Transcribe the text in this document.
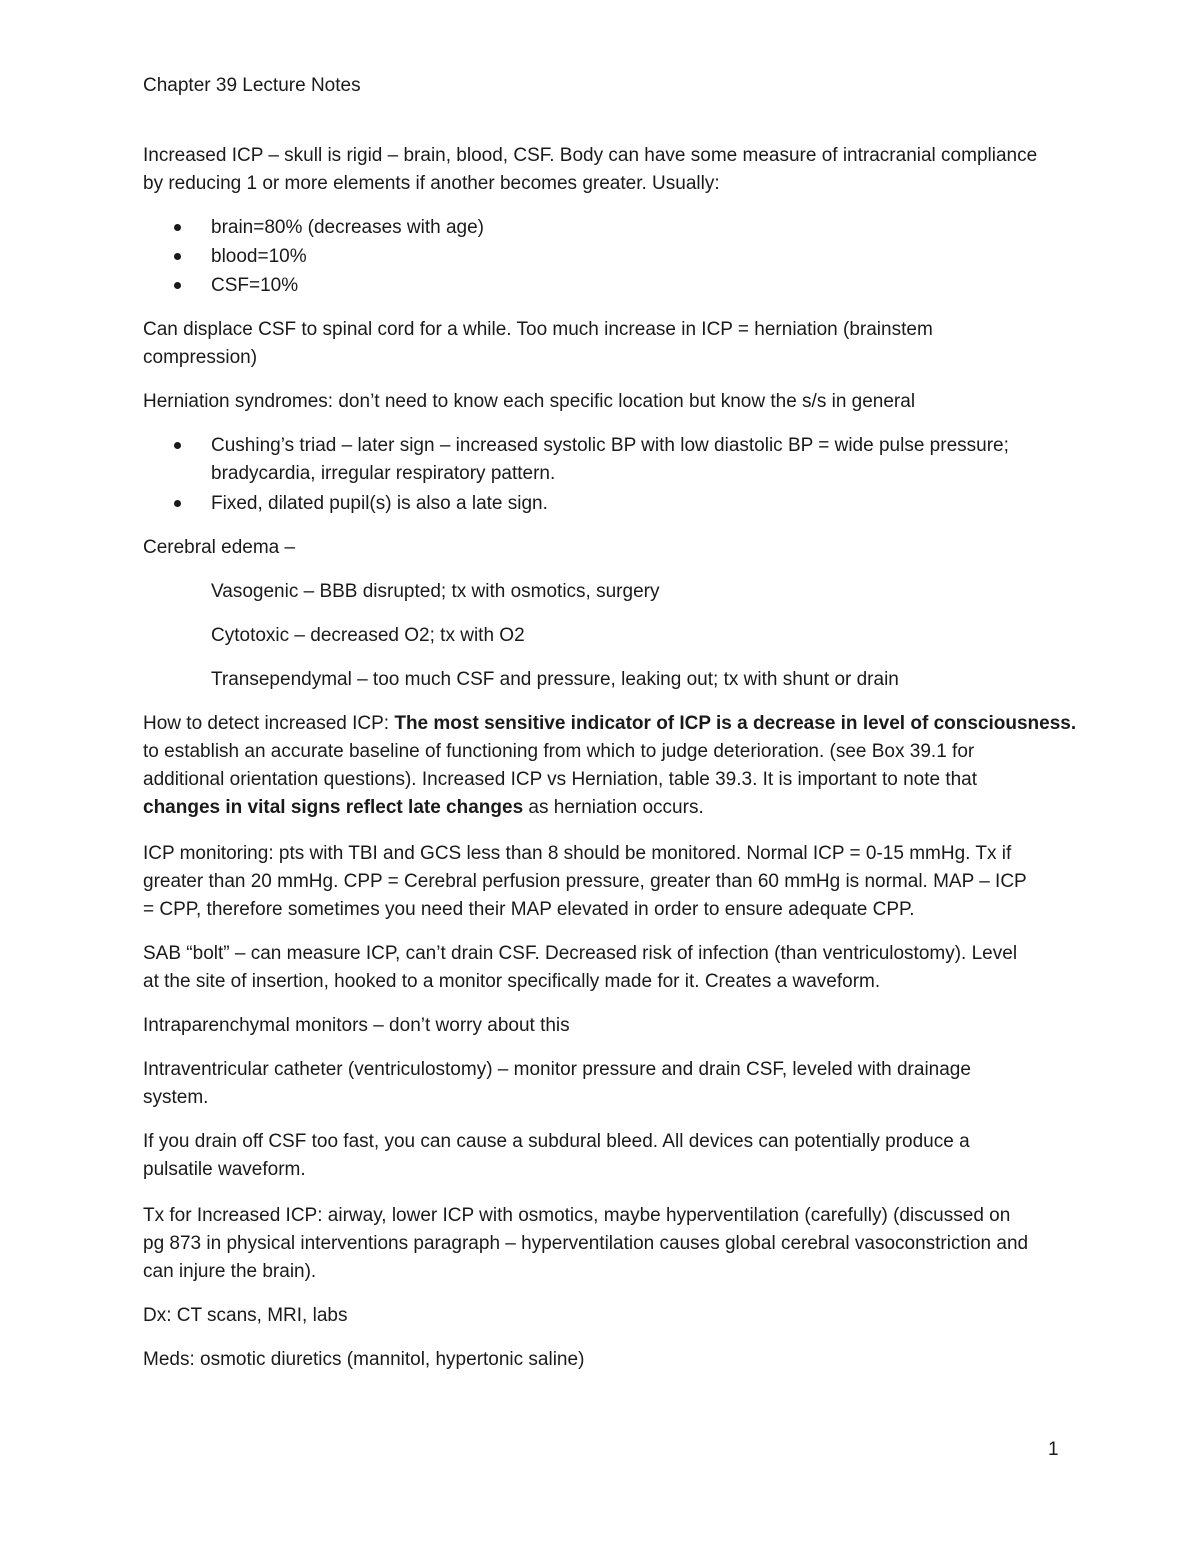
Chapter 39 Lecture Notes
Increased ICP – skull is rigid – brain, blood, CSF. Body can have some measure of intracranial compliance
by reducing 1 or more elements if another becomes greater. Usually:
brain=80% (decreases with age)
blood=10%
CSF=10%
Can displace CSF to spinal cord for a while. Too much increase in ICP = herniation (brainstem
compression)
Herniation syndromes: don’t need to know each specific location but know the s/s in general
Cushing’s triad – later sign – increased systolic BP with low diastolic BP = wide pulse pressure;
bradycardia, irregular respiratory pattern.
Fixed, dilated pupil(s) is also a late sign.
Cerebral edema –
Vasogenic – BBB disrupted; tx with osmotics, surgery
Cytotoxic – decreased O2; tx with O2
Transependymal – too much CSF and pressure, leaking out; tx with shunt or drain
How to detect increased ICP: The most sensitive indicator of ICP is a decrease in level of consciousness.
to establish an accurate baseline of functioning from which to judge deterioration. (see Box 39.1 for
additional orientation questions). Increased ICP vs Herniation, table 39.3. It is important to note that
changes in vital signs reflect late changes as herniation occurs.
ICP monitoring: pts with TBI and GCS less than 8 should be monitored. Normal ICP = 0-15 mmHg. Tx if
greater than 20 mmHg. CPP = Cerebral perfusion pressure, greater than 60 mmHg is normal. MAP – ICP
= CPP, therefore sometimes you need their MAP elevated in order to ensure adequate CPP.
SAB “bolt” – can measure ICP, can’t drain CSF. Decreased risk of infection (than ventriculostomy). Level
at the site of insertion, hooked to a monitor specifically made for it. Creates a waveform.
Intraparenchymal monitors – don’t worry about this
Intraventricular catheter (ventriculostomy) – monitor pressure and drain CSF, leveled with drainage
system.
If you drain off CSF too fast, you can cause a subdural bleed. All devices can potentially produce a
pulsatile waveform.
Tx for Increased ICP: airway, lower ICP with osmotics, maybe hyperventilation (carefully) (discussed on
pg 873 in physical interventions paragraph – hyperventilation causes global cerebral vasoconstriction and
can injure the brain).
Dx: CT scans, MRI, labs
Meds: osmotic diuretics (mannitol, hypertonic saline)
1
